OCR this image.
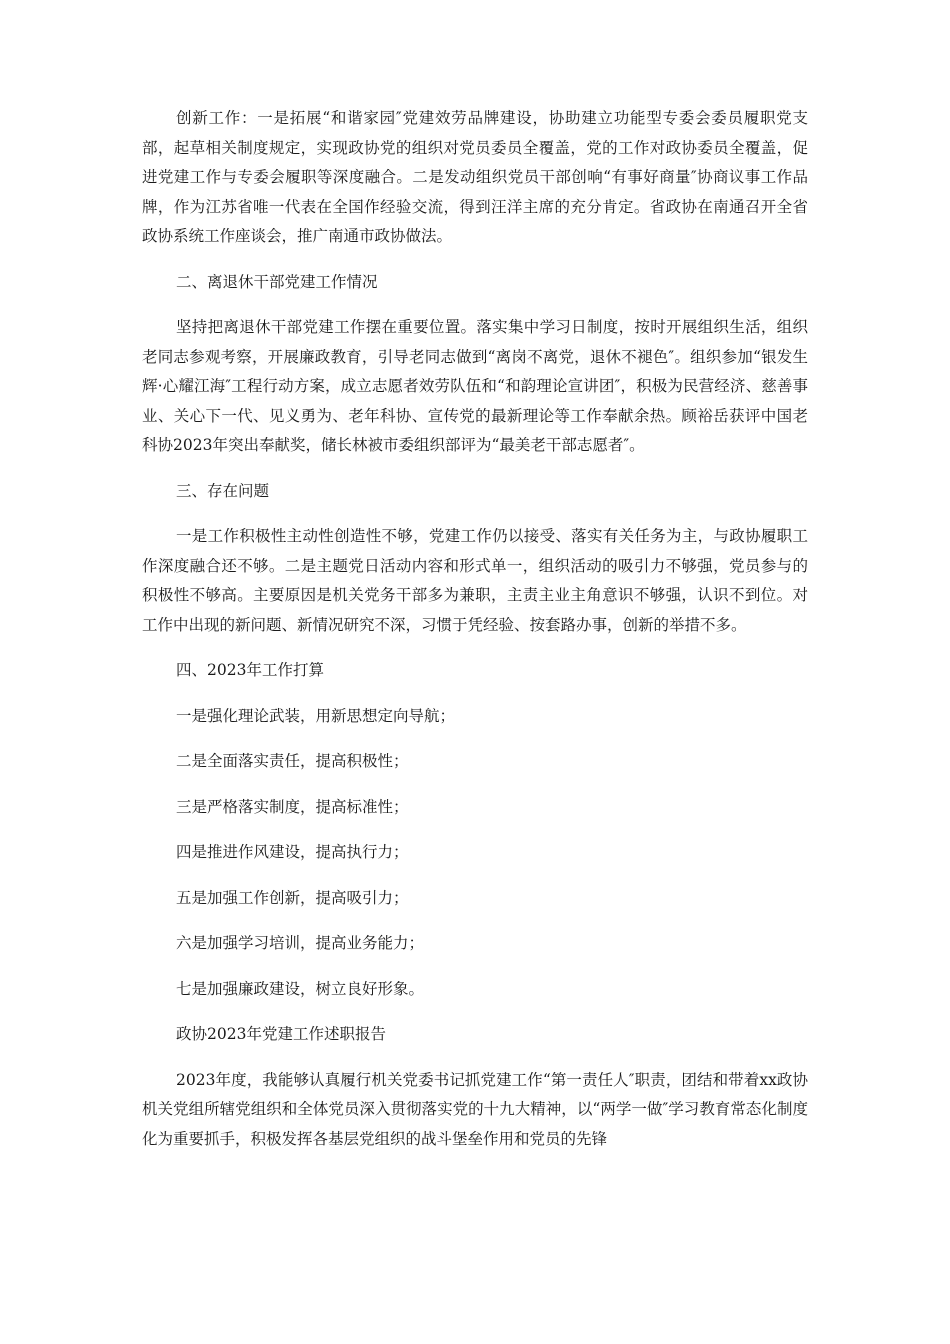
创新工作：一是拓展“和谐家园″党建效劳品牌建设，协助建立功能型专委会委员履职党支部，起草相关制度规定，实现政协党的组织对党员委员全覆盖，党的工作对政协委员全覆盖，促进党建工作与专委会履职等深度融合。二是发动组织党员干部创响“有事好商量″协商议事工作品牌，作为江苏省唯一代表在全国作经验交流，得到汪洋主席的充分肯定。省政协在南通召开全省政协系统工作座谈会，推广南通市政协做法。

二、离退休干部党建工作情况

坚持把离退休干部党建工作摆在重要位置。落实集中学习日制度，按时开展组织生活，组织老同志参观考察，开展廉政教育，引导老同志做到“离岗不离党，退休不褪色″。组织参加“银发生辉·心耀江海″工程行动方案，成立志愿者效劳队伍和“和韵理论宣讲团″，积极为民营经济、慈善事业、关心下一代、见义勇为、老年科协、宣传党的最新理论等工作奉献余热。顾裕岳获评中国老科协2023年突出奉献奖，储长林被市委组织部评为“最美老干部志愿者″。

三、存在问题

一是工作积极性主动性创造性不够，党建工作仍以接受、落实有关任务为主，与政协履职工作深度融合还不够。二是主题党日活动内容和形式单一，组织活动的吸引力不够强，党员参与的积极性不够高。主要原因是机关党务干部多为兼职，主责主业主角意识不够强，认识不到位。对工作中出现的新问题、新情况研究不深，习惯于凭经验、按套路办事，创新的举措不多。

四、2023年工作打算

一是强化理论武装，用新思想定向导航；

二是全面落实责任，提高积极性；

三是严格落实制度，提高标准性；

四是推进作风建设，提高执行力；

五是加强工作创新，提高吸引力；

六是加强学习培训，提高业务能力；

七是加强廉政建设，树立良好形象。

政协2023年党建工作述职报告

2023年度，我能够认真履行机关党委书记抓党建工作“第一责任人″职责，团结和带着xx政协机关党组所辖党组织和全体党员深入贯彻落实党的十九大精神，以“两学一做″学习教育常态化制度化为重要抓手，积极发挥各基层党组织的战斗堡垒作用和党员的先锋
